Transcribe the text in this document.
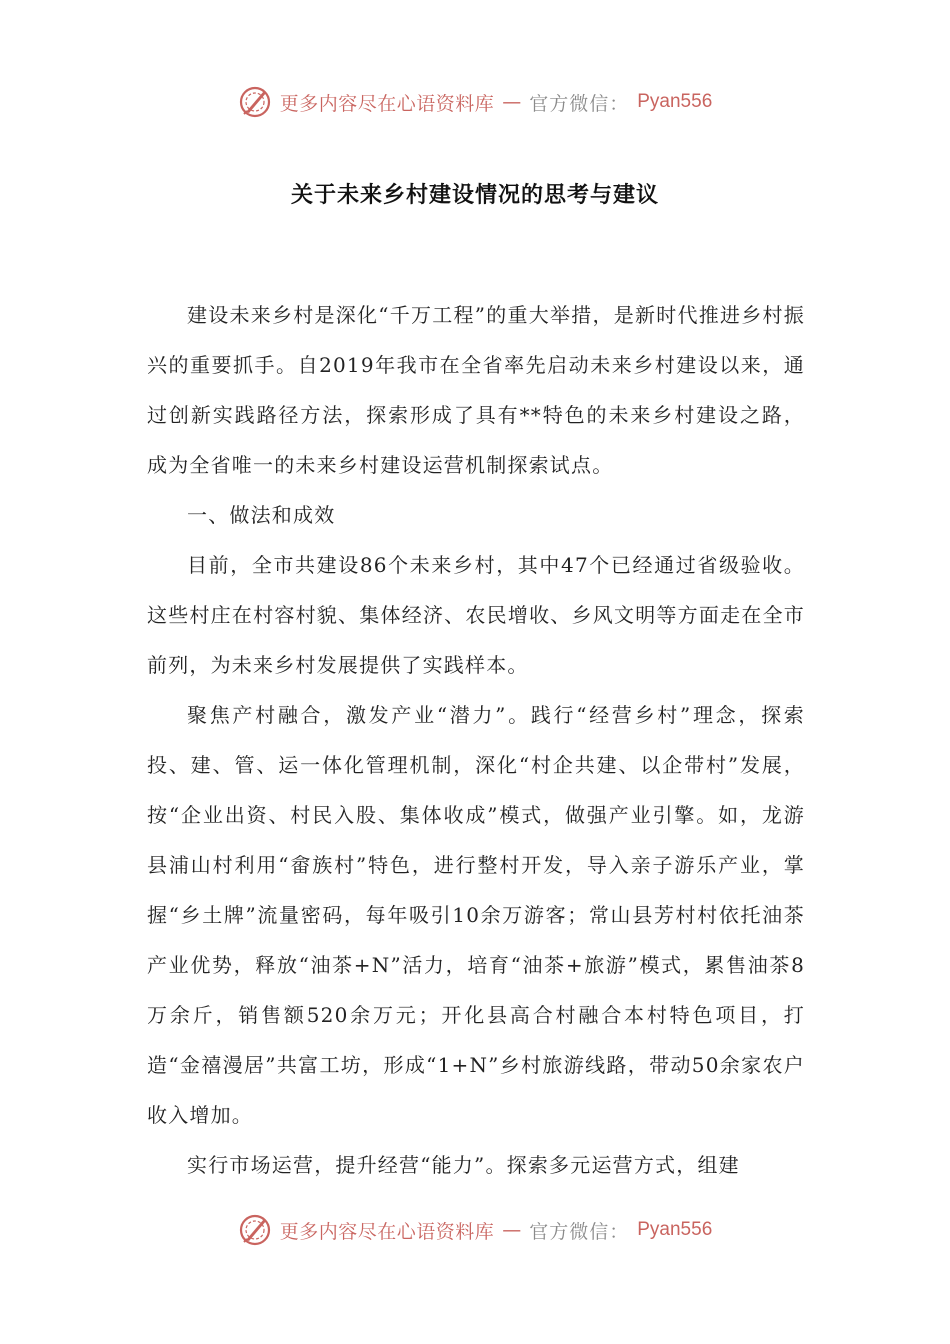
更多内容尽在心语资料库 — 官方微信： Pyan556
关于未来乡村建设情况的思考与建议

建设未来乡村是深化“千万工程”的重大举措，是新时代推进乡村振兴的重要抓手。自2019年我市在全省率先启动未来乡村建设以来，通过创新实践路径方法，探索形成了具有**特色的未来乡村建设之路，成为全省唯一的未来乡村建设运营机制探索试点。

一、做法和成效

目前，全市共建设86个未来乡村，其中47个已经通过省级验收。这些村庄在村容村貌、集体经济、农民增收、乡风文明等方面走在全市前列，为未来乡村发展提供了实践样本。

聚焦产村融合，激发产业“潜力”。践行“经营乡村”理念，探索投、建、管、运一体化管理机制，深化“村企共建、以企带村”发展，按“企业出资、村民入股、集体收成”模式，做强产业引擎。如，龙游县浦山村利用“畲族村”特色，进行整村开发，导入亲子游乐产业，掌握“乡土牌”流量密码，每年吸引10余万游客；常山县芳村村依托油茶产业优势，释放“油茶+N”活力，培育“油茶+旅游”模式，累售油茶8万余斤，销售额520余万元；开化县高合村融合本村特色项目，打造“金禧漫居”共富工坊，形成“1+N”乡村旅游线路，带动50余家农户收入增加。

实行市场运营，提升经营“能力”。探索多元运营方式，组建

更多内容尽在心语资料库 — 官方微信： Pyan556
